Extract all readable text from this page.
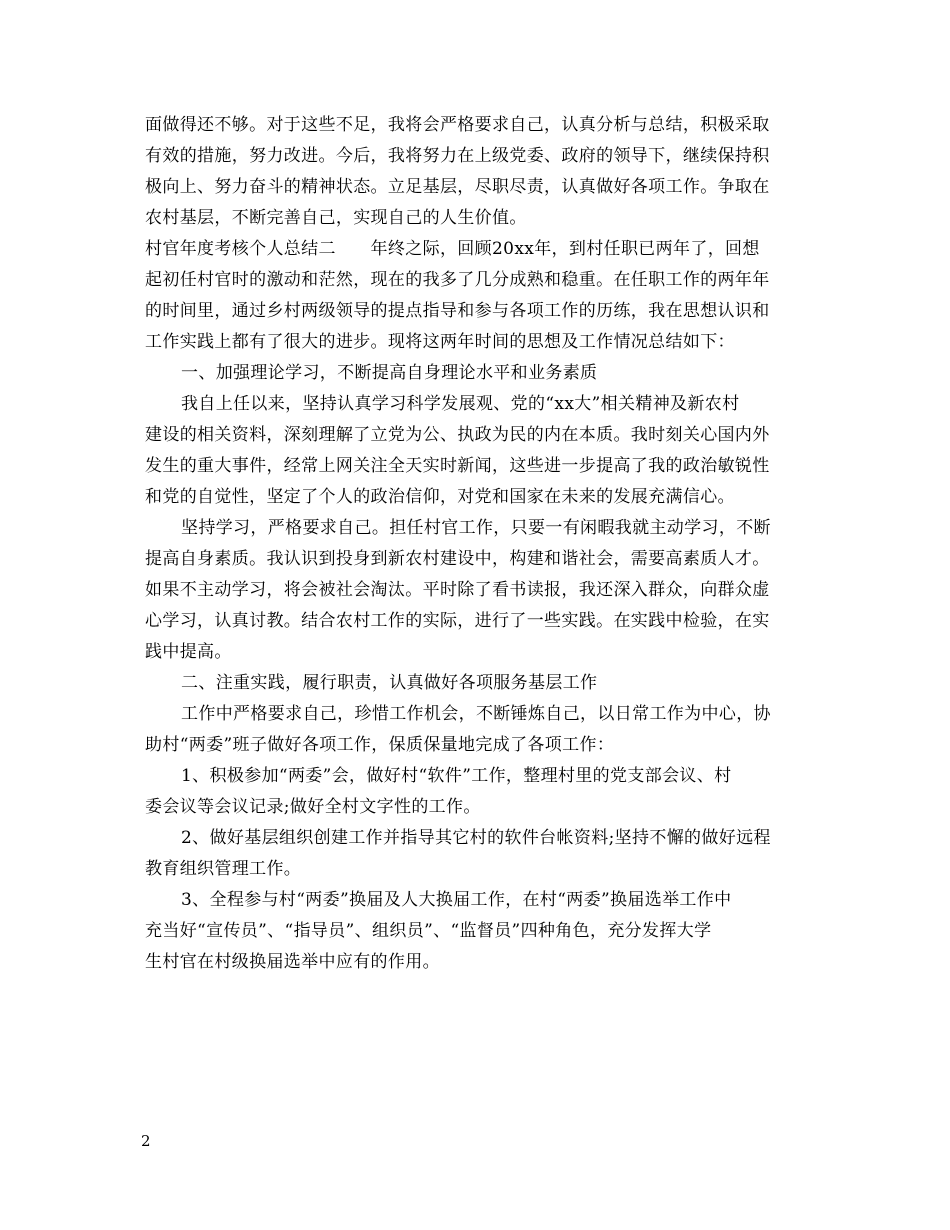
面做得还不够。对于这些不足，我将会严格要求自己，认真分析与总结，积极采取
有效的措施，努力改进。今后，我将努力在上级党委、政府的领导下，继续保持积
极向上、努力奋斗的精神状态。立足基层，尽职尽责，认真做好各项工作。争取在
农村基层，不断完善自己，实现自己的人生价值。
村官年度考核个人总结二　　年终之际，回顾20xx年，到村任职已两年了，回想
起初任村官时的激动和茫然，现在的我多了几分成熟和稳重。在任职工作的两年年
的时间里，通过乡村两级领导的提点指导和参与各项工作的历练，我在思想认识和
工作实践上都有了很大的进步。现将这两年时间的思想及工作情况总结如下：
一、加强理论学习，不断提高自身理论水平和业务素质
我自上任以来，坚持认真学习科学发展观、党的“xx大”相关精神及新农村
建设的相关资料，深刻理解了立党为公、执政为民的内在本质。我时刻关心国内外
发生的重大事件，经常上网关注全天实时新闻，这些进一步提高了我的政治敏锐性
和党的自觉性，坚定了个人的政治信仰，对党和国家在未来的发展充满信心。
坚持学习，严格要求自己。担任村官工作，只要一有闲暇我就主动学习，不断
提高自身素质。我认识到投身到新农村建设中，构建和谐社会，需要高素质人才。
如果不主动学习，将会被社会淘汰。平时除了看书读报，我还深入群众，向群众虚
心学习，认真讨教。结合农村工作的实际，进行了一些实践。在实践中检验，在实
践中提高。
二、注重实践，履行职责，认真做好各项服务基层工作
工作中严格要求自己，珍惜工作机会，不断锤炼自己，以日常工作为中心，协
助村“两委”班子做好各项工作，保质保量地完成了各项工作：
1、积极参加“两委”会，做好村“软件”工作，整理村里的党支部会议、村
委会议等会议记录;做好全村文字性的工作。
2、做好基层组织创建工作并指导其它村的软件台帐资料;坚持不懈的做好远程
教育组织管理工作。
3、全程参与村“两委”换届及人大换届工作，在村“两委”换届选举工作中
充当好“宣传员”、“指导员”、组织员”、“监督员”四种角色，充分发挥大学
生村官在村级换届选举中应有的作用。
2
